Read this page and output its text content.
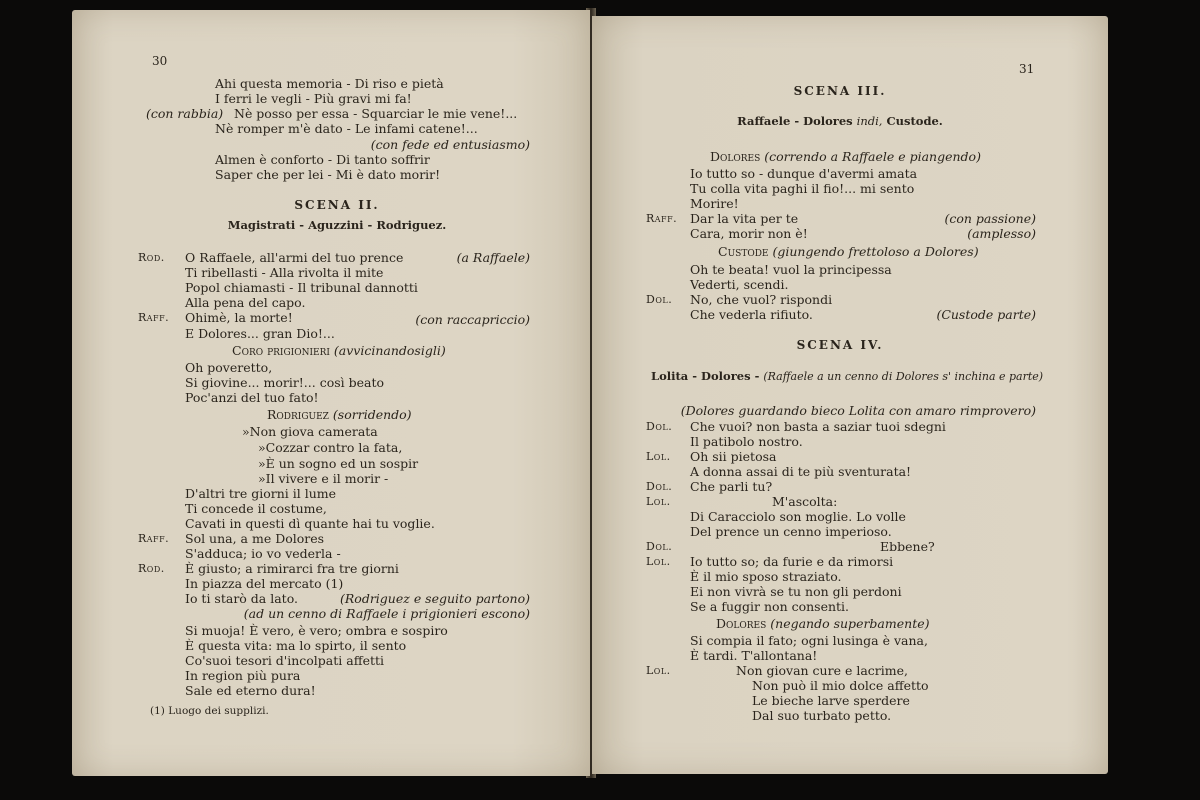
30
Ahi questa memoria - Di riso e pietà
I ferri le vegli - Più gravi mi fa!
(con rabbia) Nè posso per essa - Squarciar le mie vene!...
Nè romper m'è dato - Le infami catene!...
(con fede ed entusiasmo)
Almen è conforto - Di tanto soffrir
Saper che per lei - Mi è dato morir!
SCENA II.
Magistrati - Aguzzini - Rodriguez.
Rod. O Raffaele, all'armi del tuo prence	(a Raffaele)
Ti ribellasti - Alla rivolta il mite
Popol chiamasti - Il tribunal dannotti
Alla pena del capo.
Raff. Ohimè, la morte!	(con raccapriccio)
E Dolores... gran Dio!...
Coro prigionieri (avvicinandosigli)
Oh poveretto,
Si giovine... morir!... così beato
Poc'anzi del tuo fato!
Rodriguez (sorridendo)
»Non giova camerata
»Cozzar contro la fata,
»È un sogno ed un sospir
»Il vivere e il morir -
D'altri tre giorni il lume
Ti concede il costume,
Cavati in questi dì quante hai tu voglie.
Raff. Sol una, a me Dolores
S'adduca; io vo vederla -
Rod. È giusto; a rimirarci fra tre giorni
In piazza del mercato (1)
Io ti starò da lato.	(Rodriguez e seguito partono)
(ad un cenno di Raffaele i prigionieri escono)
Si muoja! È vero, è vero; ombra e sospiro
È questa vita: ma lo spirto, il sento
Co'suoi tesori d'incolpati affetti
In region più pura
Sale ed eterno dura!
(1) Luogo dei supplizi.
31
SCENA III.
Raffaele - Dolores indi, Custode.
Dolores (correndo a Raffaele e piangendo)
Io tutto so - dunque d'avermi amata
Tu colla vita paghi il fio!... mi sento
Morire!
Raff. Dar la vita per te	(con passione)
Cara, morir non è!	(amplesso)
Custode (giungendo frettoloso a Dolores)
Oh te beata! vuol la principessa
Vederti, scendi.
Dol. No, che vuol? rispondi
Che vederla rifiuto.	(Custode parte)
SCENA IV.
Lolita - Dolores - (Raffaele a un cenno di Dolores s' inchina e parte)
(Dolores guardando bieco Lolita con amaro rimprovero)
Dol. Che vuoi? non basta a saziar tuoi sdegni
Il patibolo nostro.
Lol. Oh sii pietosa
A donna assai di te più sventurata!
Dol. Che parli tu?
Lol.	M'ascolta:
Di Caracciolo son moglie. Lo volle
Del prence un cenno imperioso.
Dol.	Ebbene?
Lol. Io tutto so; da furie e da rimorsi
È il mio sposo straziato.
Ei non vivrà se tu non gli perdoni
Se a fuggir non consenti.
Dolores (negando superbamente)
Si compia il fato; ogni lusinga è vana,
È tardi. T'allontana!
Lol.	Non giovan cure e lacrime,
Non può il mio dolce affetto
Le bieche larve sperdere
Dal suo turbato petto.
